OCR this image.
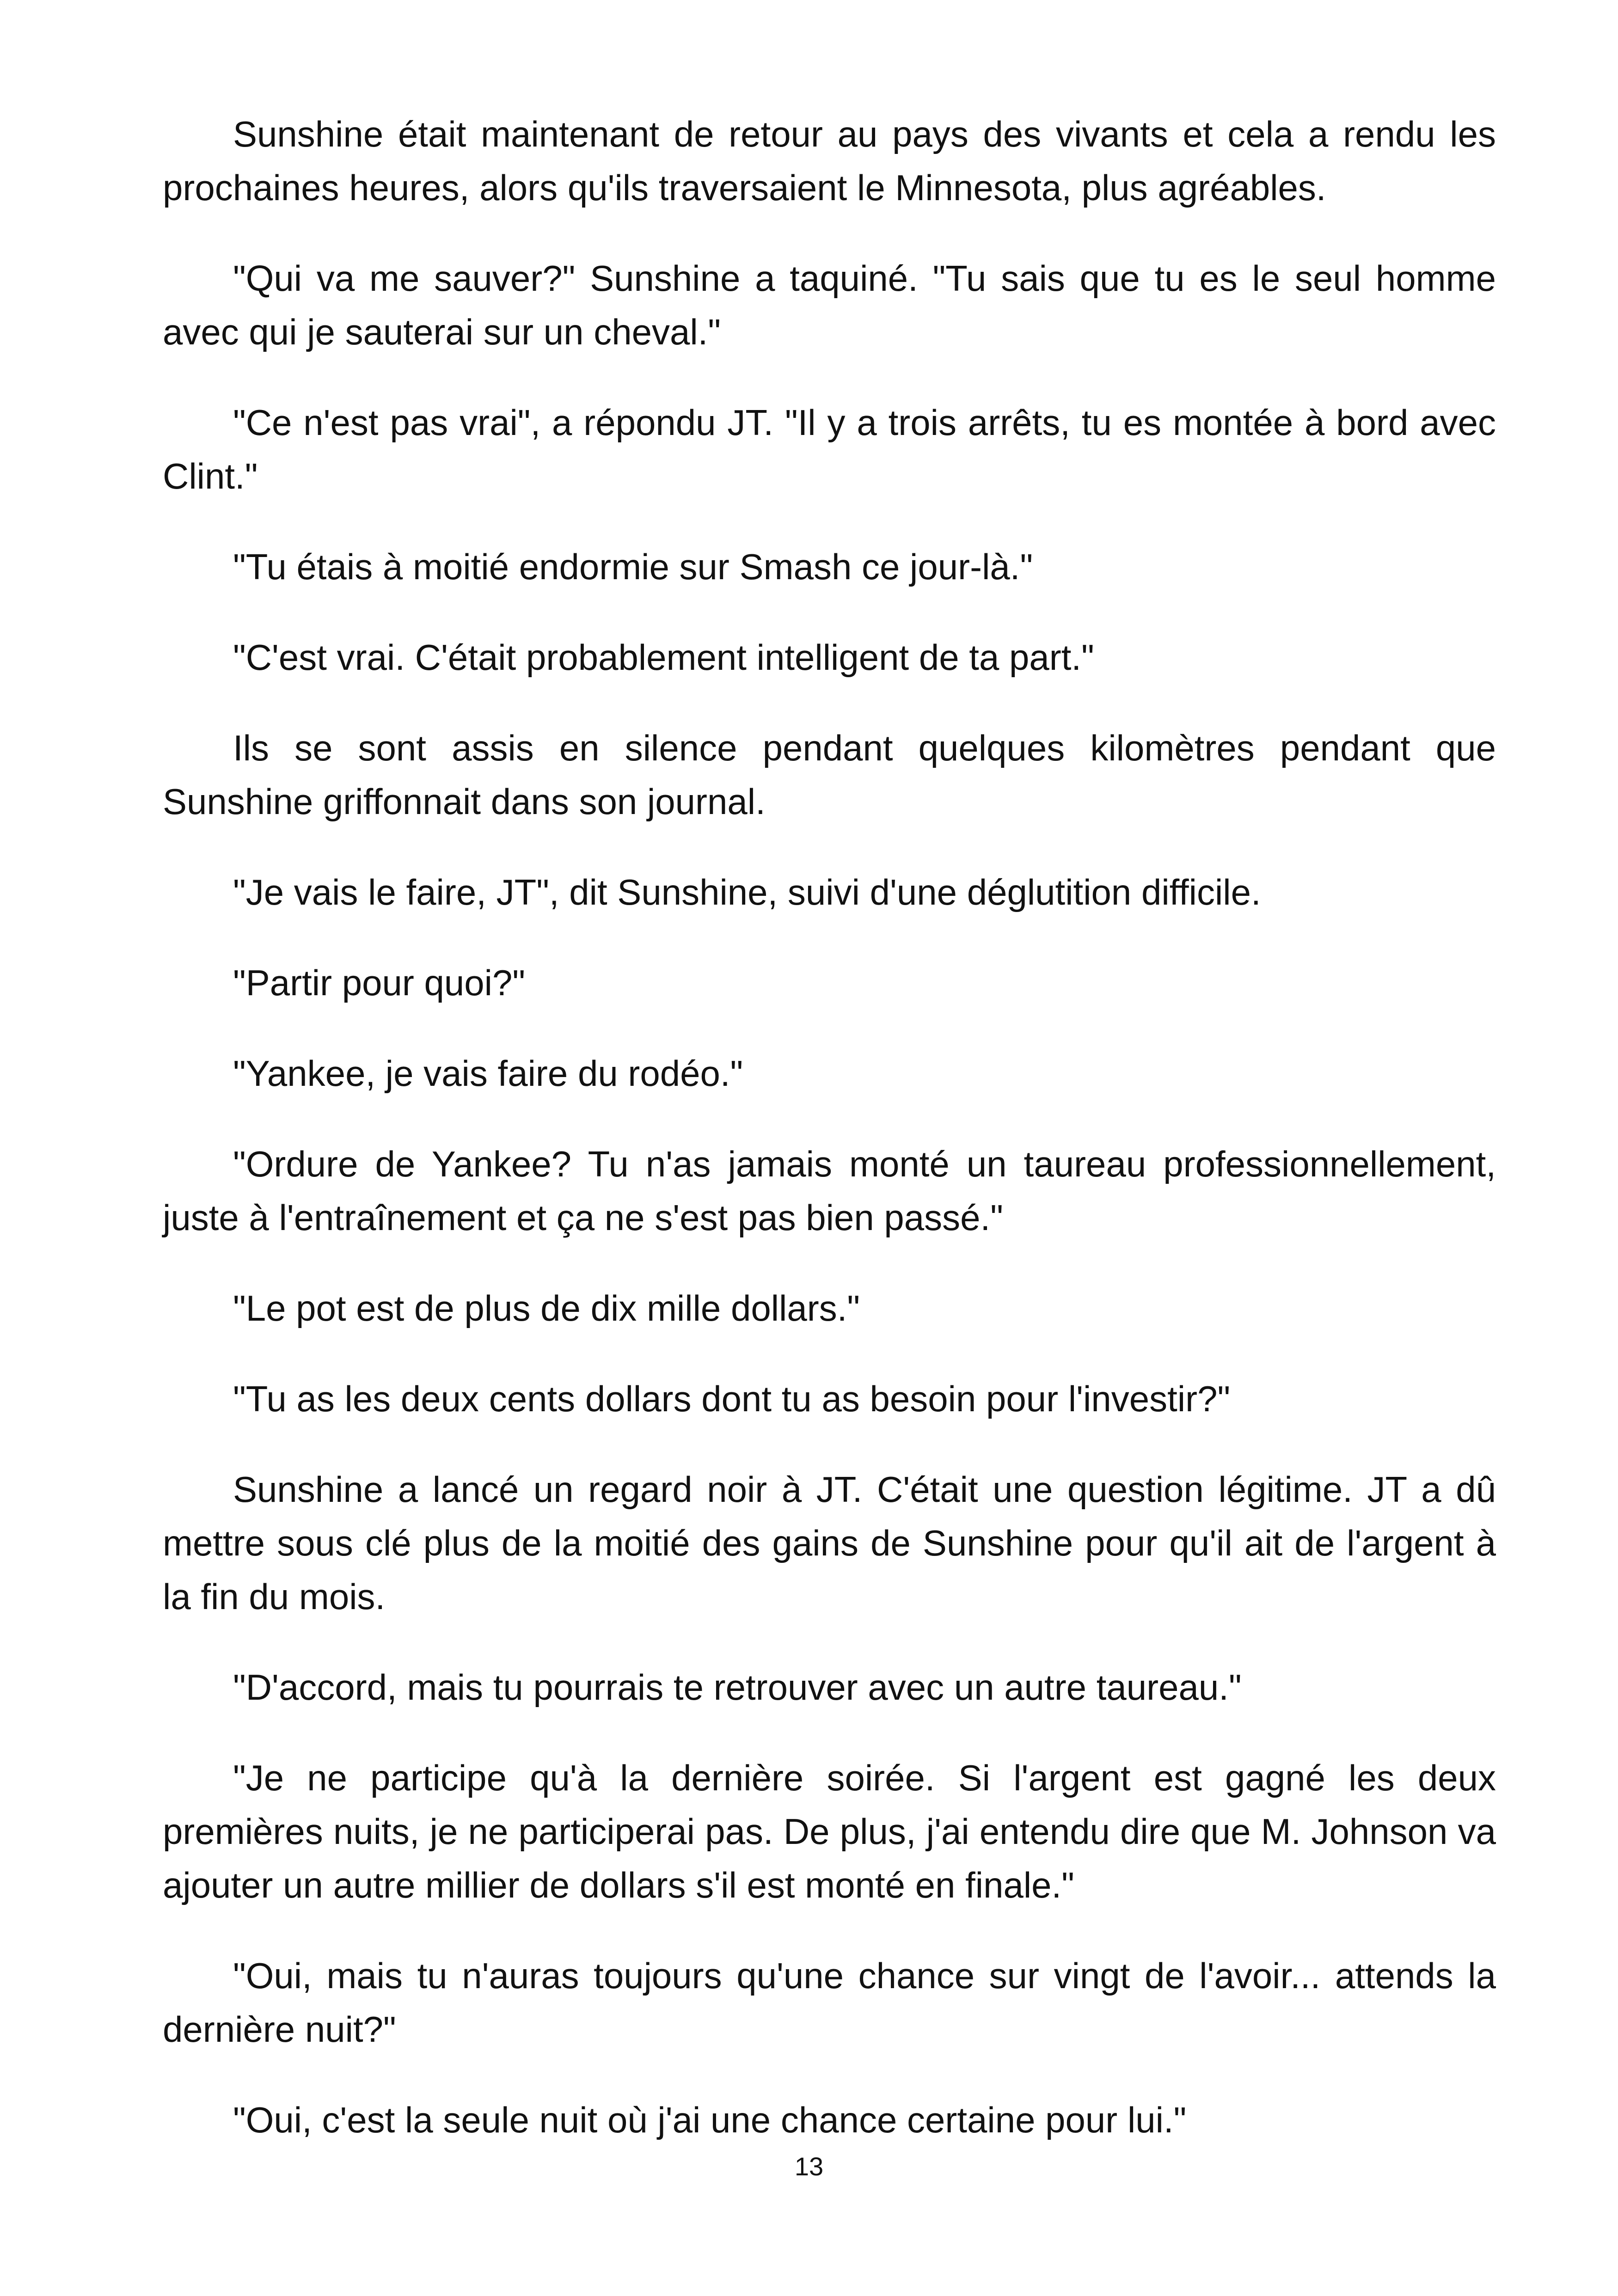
Sunshine était maintenant de retour au pays des vivants et cela a rendu les prochaines heures, alors qu'ils traversaient le Minnesota, plus agréables.

"Qui va me sauver?" Sunshine a taquiné. "Tu sais que tu es le seul homme avec qui je sauterai sur un cheval."

"Ce n'est pas vrai", a répondu JT. "Il y a trois arrêts, tu es montée à bord avec Clint."

"Tu étais à moitié endormie sur Smash ce jour-là."

"C'est vrai. C'était probablement intelligent de ta part."

Ils se sont assis en silence pendant quelques kilomètres pendant que Sunshine griffonnait dans son journal.

"Je vais le faire, JT", dit Sunshine, suivi d'une déglutition difficile.

"Partir pour quoi?"

"Yankee, je vais faire du rodéo."

"Ordure de Yankee? Tu n'as jamais monté un taureau professionnellement, juste à l'entraînement et ça ne s'est pas bien passé."

"Le pot est de plus de dix mille dollars."

"Tu as les deux cents dollars dont tu as besoin pour l'investir?"

Sunshine a lancé un regard noir à JT. C'était une question légitime. JT a dû mettre sous clé plus de la moitié des gains de Sunshine pour qu'il ait de l'argent à la fin du mois.

"D'accord, mais tu pourrais te retrouver avec un autre taureau."

"Je ne participe qu'à la dernière soirée. Si l'argent est gagné les deux premières nuits, je ne participerai pas. De plus, j'ai entendu dire que M. Johnson va ajouter un autre millier de dollars s'il est monté en finale."

"Oui, mais tu n'auras toujours qu'une chance sur vingt de l'avoir... attends la dernière nuit?"

"Oui, c'est la seule nuit où j'ai une chance certaine pour lui."

13
